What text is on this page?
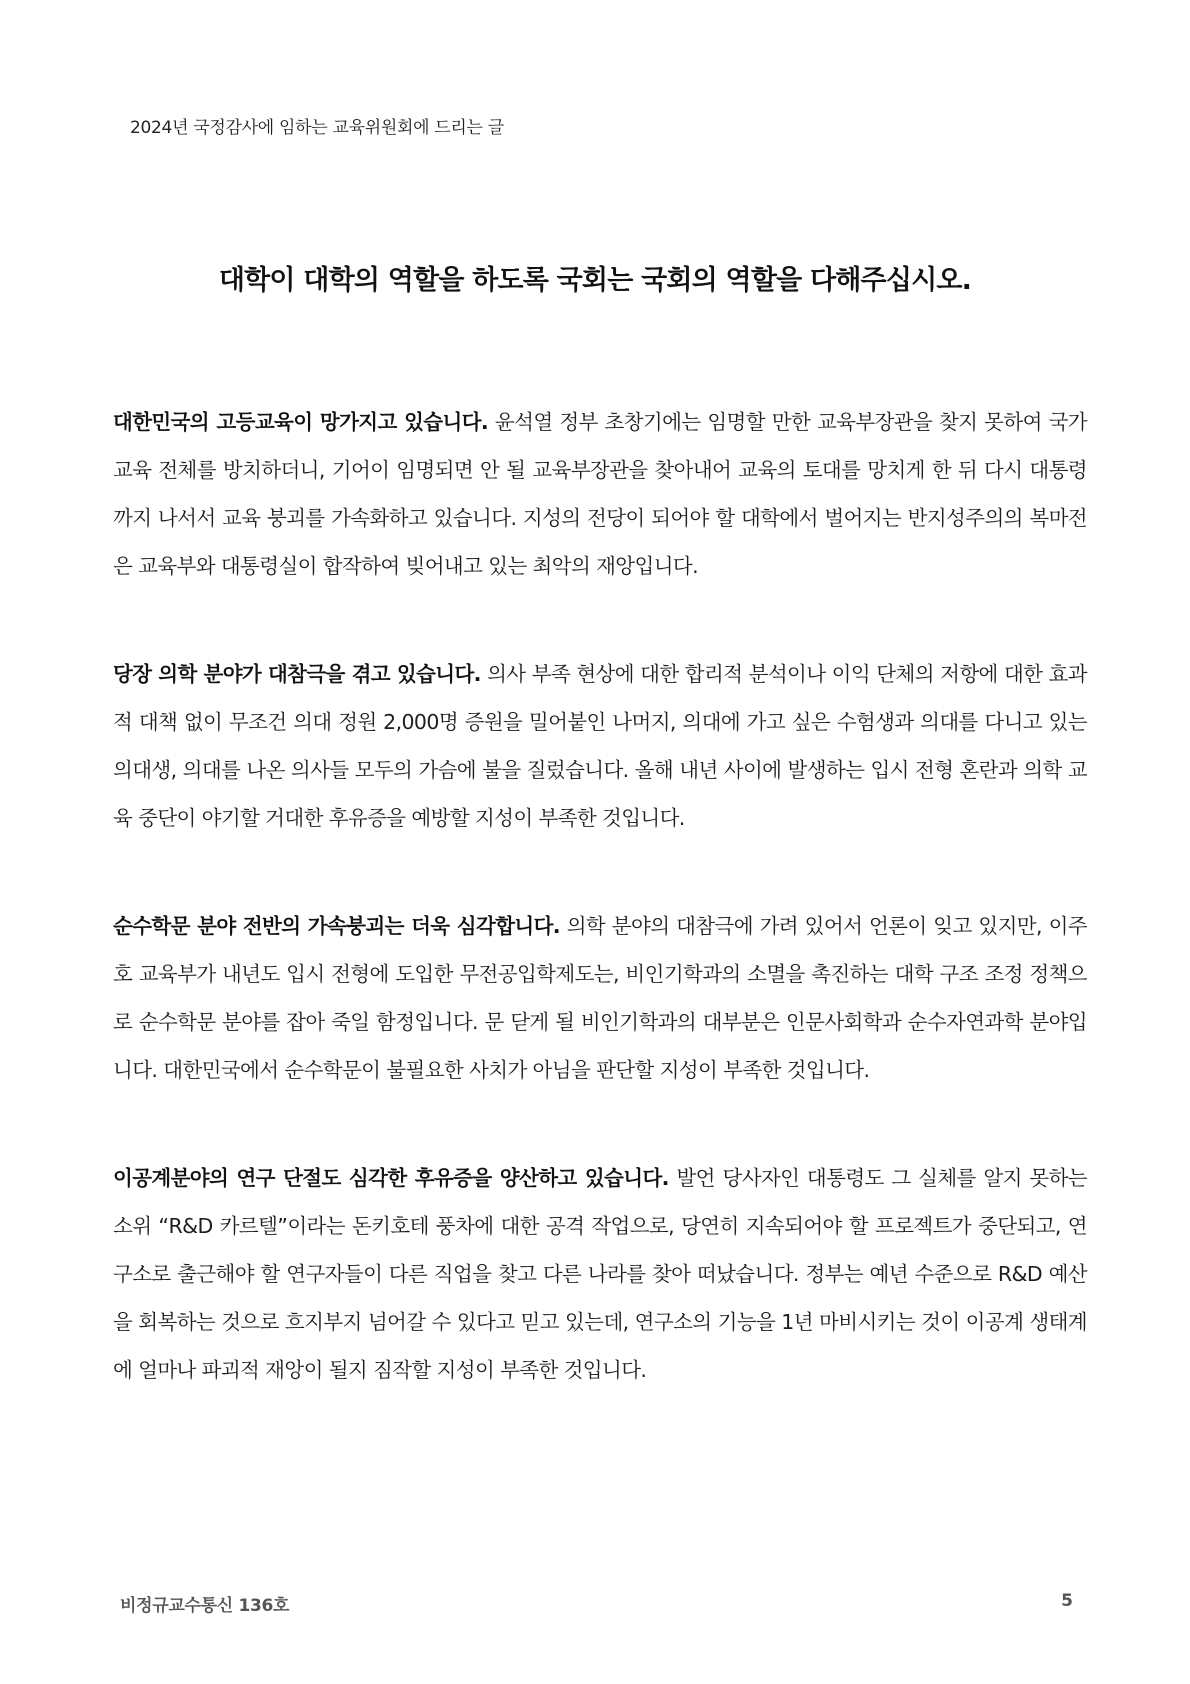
2024년 국정감사에 임하는 교육위원회에 드리는 글
대학이 대학의 역할을 하도록 국회는 국회의 역할을 다해주십시오.

대한민국의 고등교육이 망가지고 있습니다. 윤석열 정부 초창기에는 임명할 만한 교육부장관을 찾지 못하여 국가 교육 전체를 방치하더니, 기어이 임명되면 안 될 교육부장관을 찾아내어 교육의 토대를 망치게 한 뒤 다시 대통령까지 나서서 교육 붕괴를 가속화하고 있습니다. 지성의 전당이 되어야 할 대학에서 벌어지는 반지성주의의 복마전은 교육부와 대통령실이 합작하여 빚어내고 있는 최악의 재앙입니다.

당장 의학 분야가 대참극을 겪고 있습니다. 의사 부족 현상에 대한 합리적 분석이나 이익 단체의 저항에 대한 효과적 대책 없이 무조건 의대 정원 2,000명 증원을 밀어붙인 나머지, 의대에 가고 싶은 수험생과 의대를 다니고 있는 의대생, 의대를 나온 의사들 모두의 가슴에 불을 질렀습니다. 올해 내년 사이에 발생하는 입시 전형 혼란과 의학 교육 중단이 야기할 거대한 후유증을 예방할 지성이 부족한 것입니다.

순수학문 분야 전반의 가속붕괴는 더욱 심각합니다. 의학 분야의 대참극에 가려 있어서 언론이 잊고 있지만, 이주호 교육부가 내년도 입시 전형에 도입한 무전공입학제도는, 비인기학과의 소멸을 촉진하는 대학 구조 조정 정책으로 순수학문 분야를 잡아 죽일 함정입니다. 문 닫게 될 비인기학과의 대부분은 인문사회학과 순수자연과학 분야입니다. 대한민국에서 순수학문이 불필요한 사치가 아님을 판단할 지성이 부족한 것입니다.

이공계분야의 연구 단절도 심각한 후유증을 양산하고 있습니다. 발언 당사자인 대통령도 그 실체를 알지 못하는 소위 “R&D 카르텔”이라는 돈키호테 풍차에 대한 공격 작업으로, 당연히 지속되어야 할 프로젝트가 중단되고, 연구소로 출근해야 할 연구자들이 다른 직업을 찾고 다른 나라를 찾아 떠났습니다. 정부는 예년 수준으로 R&D 예산을 회복하는 것으로 흐지부지 넘어갈 수 있다고 믿고 있는데, 연구소의 기능을 1년 마비시키는 것이 이공계 생태계에 얼마나 파괴적 재앙이 될지 짐작할 지성이 부족한 것입니다.

비정규교수통신 136호	5
